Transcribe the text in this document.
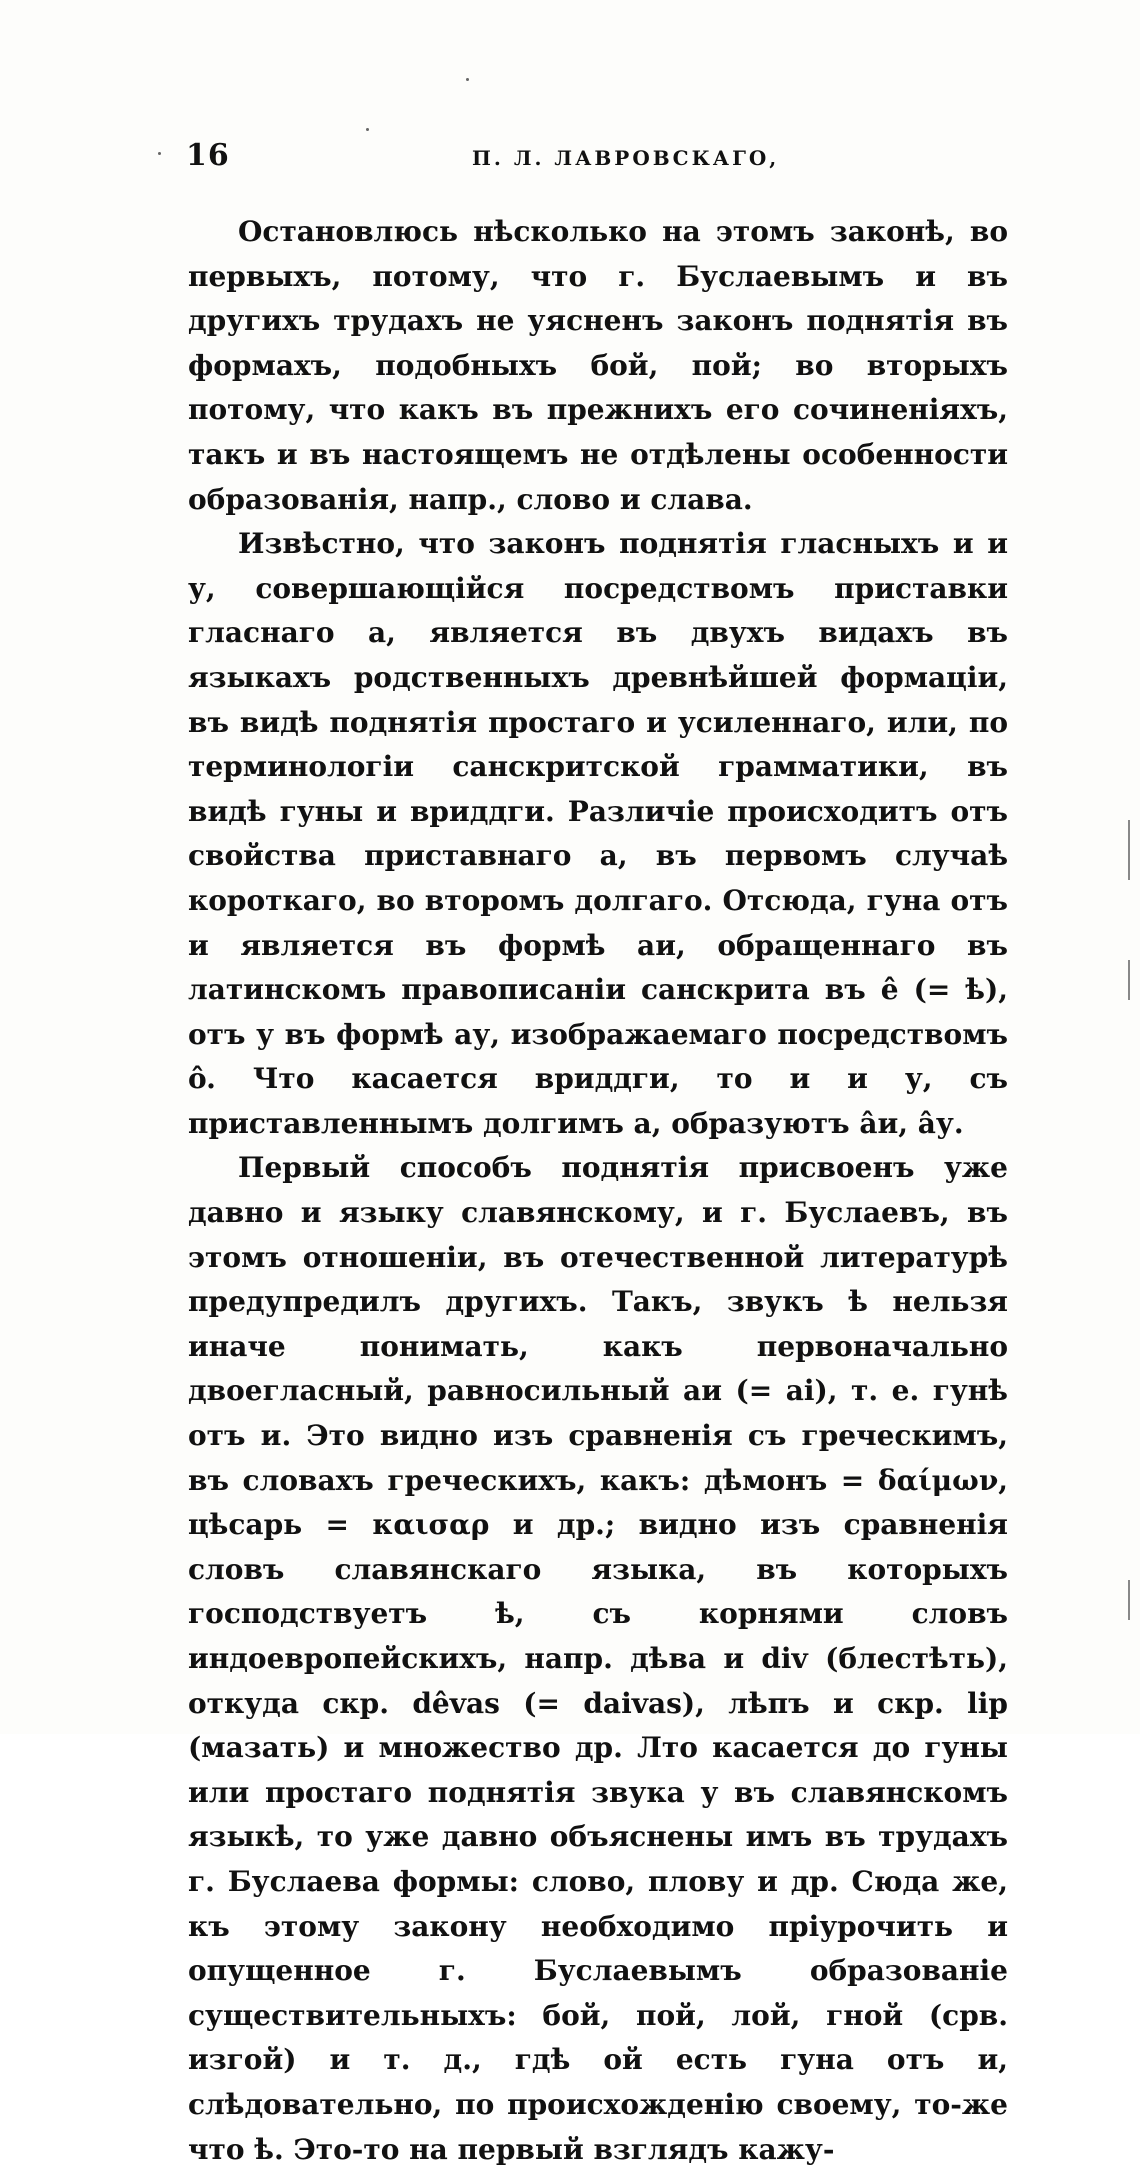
16	П. Л. ЛАВРОВСКАГО,

Остановлюсь нѣсколько на этомъ законѣ, во первыхъ, потому, что г. Буслаевымъ и въ другихъ трудахъ не уясненъ законъ поднятія въ формахъ, подобныхъ бой, пой; во вторыхъ потому, что какъ въ прежнихъ его сочиненіяхъ, такъ и въ настоящемъ не отдѣлены особенности образованія, напр., слово и слава.

Извѣстно, что законъ поднятія гласныхъ и и у, совершающійся посредствомъ приставки гласнаго а, является въ двухъ видахъ въ языкахъ родственныхъ древнѣйшей формаціи, въ видѣ поднятія простаго и усиленнаго, или, по терминологіи санскритской грамматики, въ видѣ гуны и вриддги. Различіе происходитъ отъ свойства приставнаго а, въ первомъ случаѣ короткаго, во второмъ долгаго. Отсюда, гуна отъ и является въ формѣ аи, обращеннаго въ латинскомъ правописаніи санскрита въ ê (= ѣ), отъ у въ формѣ ау, изображаемаго посредствомъ ô. Что касается вриддги, то и и у, съ приставленнымъ долгимъ а, образуютъ âи, âу.

Первый способъ поднятія присвоенъ уже давно и языку славянскому, и г. Буслаевъ, въ этомъ отношеніи, въ отечественной литературѣ предупредилъ другихъ. Такъ, звукъ ѣ нельзя иначе понимать, какъ первоначально двоегласный, равносильный аи (= ai), т. е. гунѣ отъ и. Это видно изъ сравненія съ греческимъ, въ словахъ греческихъ, какъ: дѣмонъ = δαίμων, цѣсарь = καισαρ и др.; видно изъ сравненія словъ славянскаго языка, въ которыхъ господствуетъ ѣ, съ корнями словъ индоевропейскихъ, напр. дѣва и div (блестѣть), откуда скр. dêvas (= daivas), лѣпъ и скр. lip (мазать) и множество др. Лто касается до гуны или простаго поднятія звука у въ славянскомъ языкѣ, то уже давно объяснены имъ въ трудахъ г. Буслаева формы: слово, плову и др. Сюда же, къ этому закону необходимо пріурочить и опущенное г. Буслаевымъ образованіе существительныхъ: бой, пой, лой, гной (срв. изгой) и т. д., гдѣ ой есть гуна отъ и, слѣдовательно, по происхожденію своему, то-же что ѣ. Это-то на первый взглядъ кажу-
